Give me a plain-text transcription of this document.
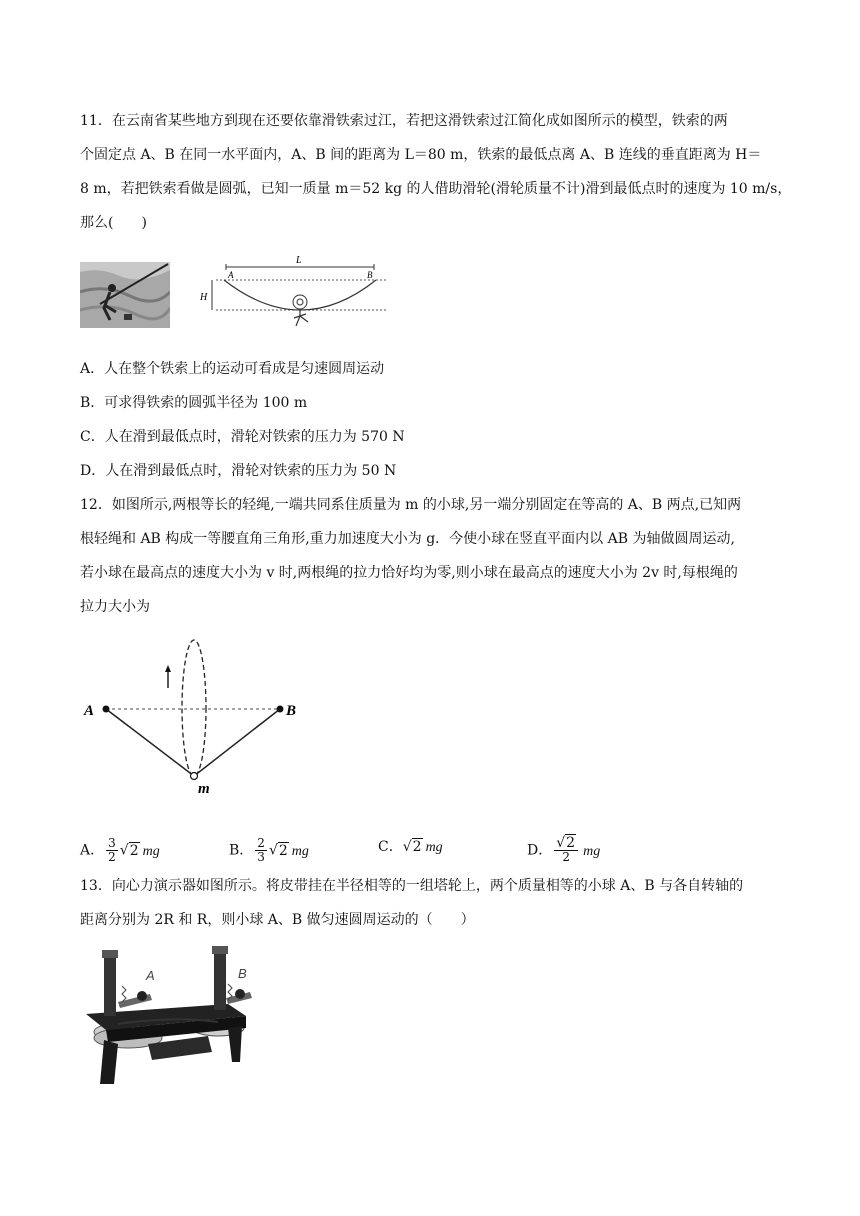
11．在云南省某些地方到现在还要依靠滑铁索过江，若把这滑铁索过江简化成如图所示的模型，铁索的两
个固定点 A、B 在同一水平面内，A、B 间的距离为 L＝80 m，铁索的最低点离 A、B 连线的垂直距离为 H＝
8 m，若把铁索看做是圆弧，已知一质量 m＝52 kg 的人借助滑轮(滑轮质量不计)滑到最低点时的速度为 10 m/s，
那么(　　)
L
A	B
H
A．人在整个铁索上的运动可看成是匀速圆周运动
B．可求得铁索的圆弧半径为 100 m
C．人在滑到最低点时，滑轮对铁索的压力为 570 N
D．人在滑到最低点时，滑轮对铁索的压力为 50 N
12．如图所示,两根等长的轻绳,一端共同系住质量为 m 的小球,另一端分别固定在等高的 A、B 两点,已知两
根轻绳和 AB 构成一等腰直角三角形,重力加速度大小为 g．今使小球在竖直平面内以 AB 为轴做圆周运动,
若小球在最高点的速度大小为 v 时,两根绳的拉力恰好均为零,则小球在最高点的速度大小为 2v 时,每根绳的
拉力大小为
A	B
m
A． $\frac{3}{2} √2$ mg	B． $\frac{2}{3} √2$ mg	C．√2 mg	D． $\frac{√2}{2}$ mg
13．向心力演示器如图所示。将皮带挂在半径相等的一组塔轮上，两个质量相等的小球 A、B 与各自转轴的
距离分别为 2R 和 R，则小球 A、B 做匀速圆周运动的（　　）
A	B
